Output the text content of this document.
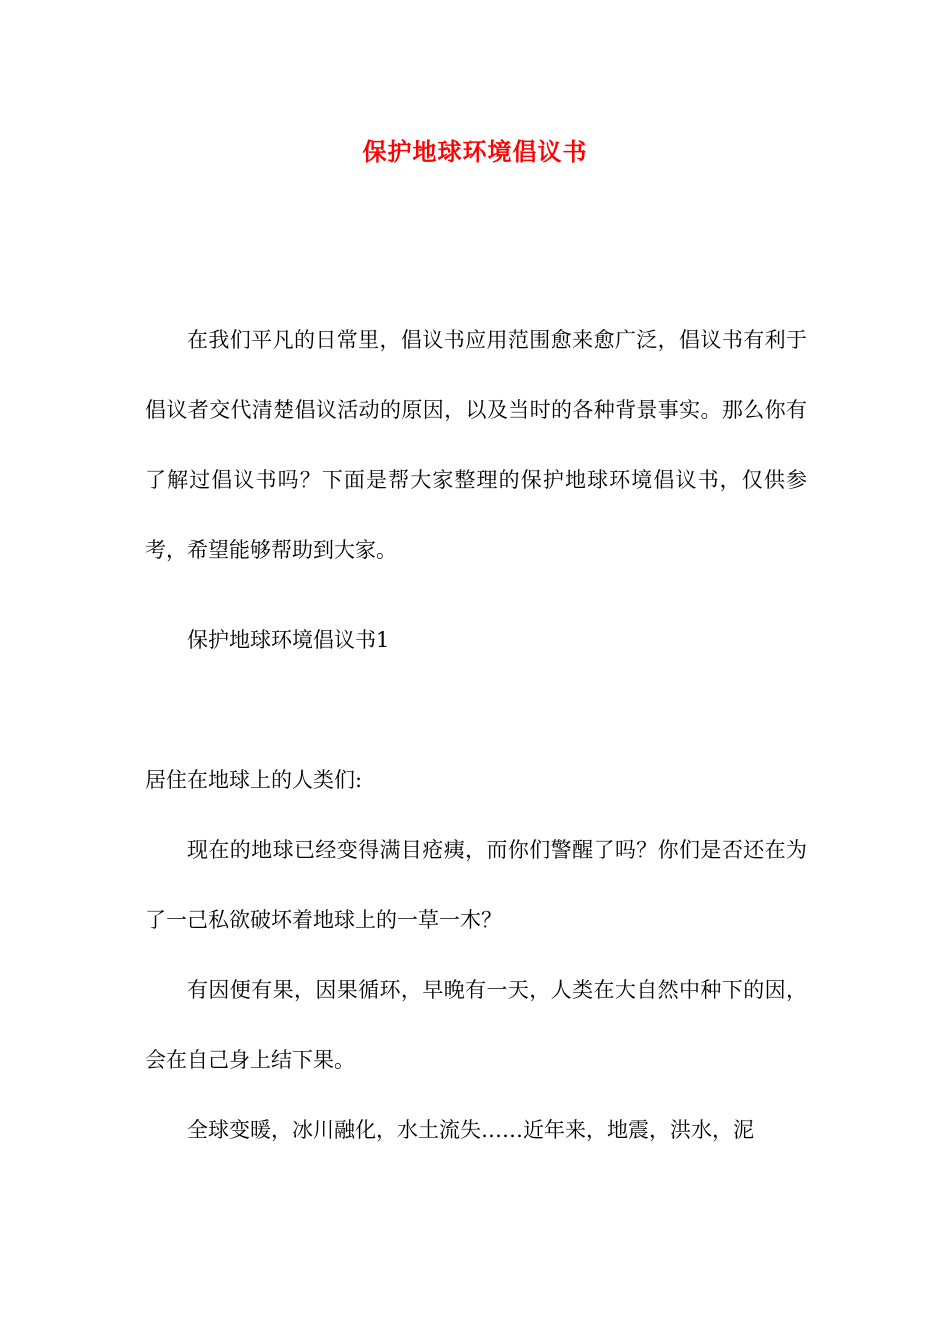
保护地球环境倡议书

在我们平凡的日常里，倡议书应用范围愈来愈广泛，倡议书有利于倡议者交代清楚倡议活动的原因，以及当时的各种背景事实。那么你有了解过倡议书吗？下面是帮大家整理的保护地球环境倡议书，仅供参考，希望能够帮助到大家。

保护地球环境倡议书1

居住在地球上的人类们:

现在的地球已经变得满目疮痍，而你们警醒了吗？你们是否还在为了一己私欲破坏着地球上的一草一木？

有因便有果，因果循环，早晚有一天，人类在大自然中种下的因，会在自己身上结下果。

全球变暖，冰川融化，水土流失……近年来，地震，洪水，泥
